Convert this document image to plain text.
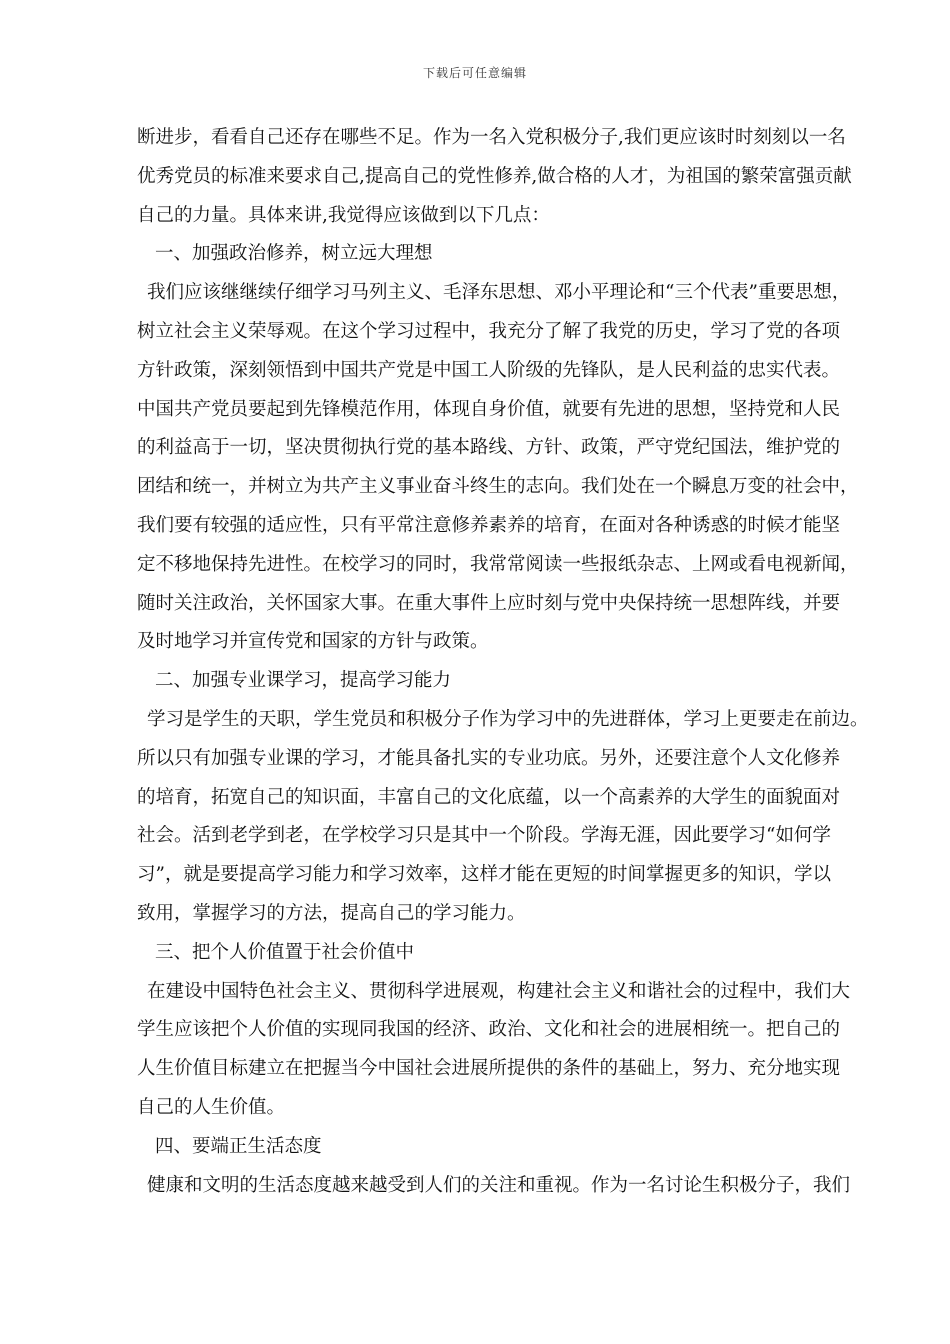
下载后可任意编辑
断进步，看看自己还存在哪些不足。作为一名入党积极分子,我们更应该时时刻刻以一名
优秀党员的标准来要求自己,提高自己的党性修养,做合格的人才，为祖国的繁荣富强贡献
自己的力量。具体来讲,我觉得应该做到以下几点：
一、加强政治修养，树立远大理想
我们应该继继续仔细学习马列主义、毛泽东思想、邓小平理论和“三个代表”重要思想，
树立社会主义荣辱观。在这个学习过程中，我充分了解了我党的历史，学习了党的各项
方针政策，深刻领悟到中国共产党是中国工人阶级的先锋队，是人民利益的忠实代表。
中国共产党员要起到先锋模范作用，体现自身价值，就要有先进的思想，坚持党和人民
的利益高于一切，坚决贯彻执行党的基本路线、方针、政策，严守党纪国法，维护党的
团结和统一，并树立为共产主义事业奋斗终生的志向。我们处在一个瞬息万变的社会中，
我们要有较强的适应性，只有平常注意修养素养的培育，在面对各种诱惑的时候才能坚
定不移地保持先进性。在校学习的同时，我常常阅读一些报纸杂志、上网或看电视新闻，
随时关注政治，关怀国家大事。在重大事件上应时刻与党中央保持统一思想阵线，并要
及时地学习并宣传党和国家的方针与政策。
二、加强专业课学习，提高学习能力
学习是学生的天职，学生党员和积极分子作为学习中的先进群体，学习上更要走在前边。
所以只有加强专业课的学习，才能具备扎实的专业功底。另外，还要注意个人文化修养
的培育，拓宽自己的知识面，丰富自己的文化底蕴，以一个高素养的大学生的面貌面对
社会。活到老学到老，在学校学习只是其中一个阶段。学海无涯，因此要学习“如何学
习”，就是要提高学习能力和学习效率，这样才能在更短的时间掌握更多的知识，学以
致用，掌握学习的方法，提高自己的学习能力。
三、把个人价值置于社会价值中
在建设中国特色社会主义、贯彻科学进展观，构建社会主义和谐社会的过程中，我们大
学生应该把个人价值的实现同我国的经济、政治、文化和社会的进展相统一。把自己的
人生价值目标建立在把握当今中国社会进展所提供的条件的基础上，努力、充分地实现
自己的人生价值。
四、要端正生活态度
健康和文明的生活态度越来越受到人们的关注和重视。作为一名讨论生积极分子，我们
